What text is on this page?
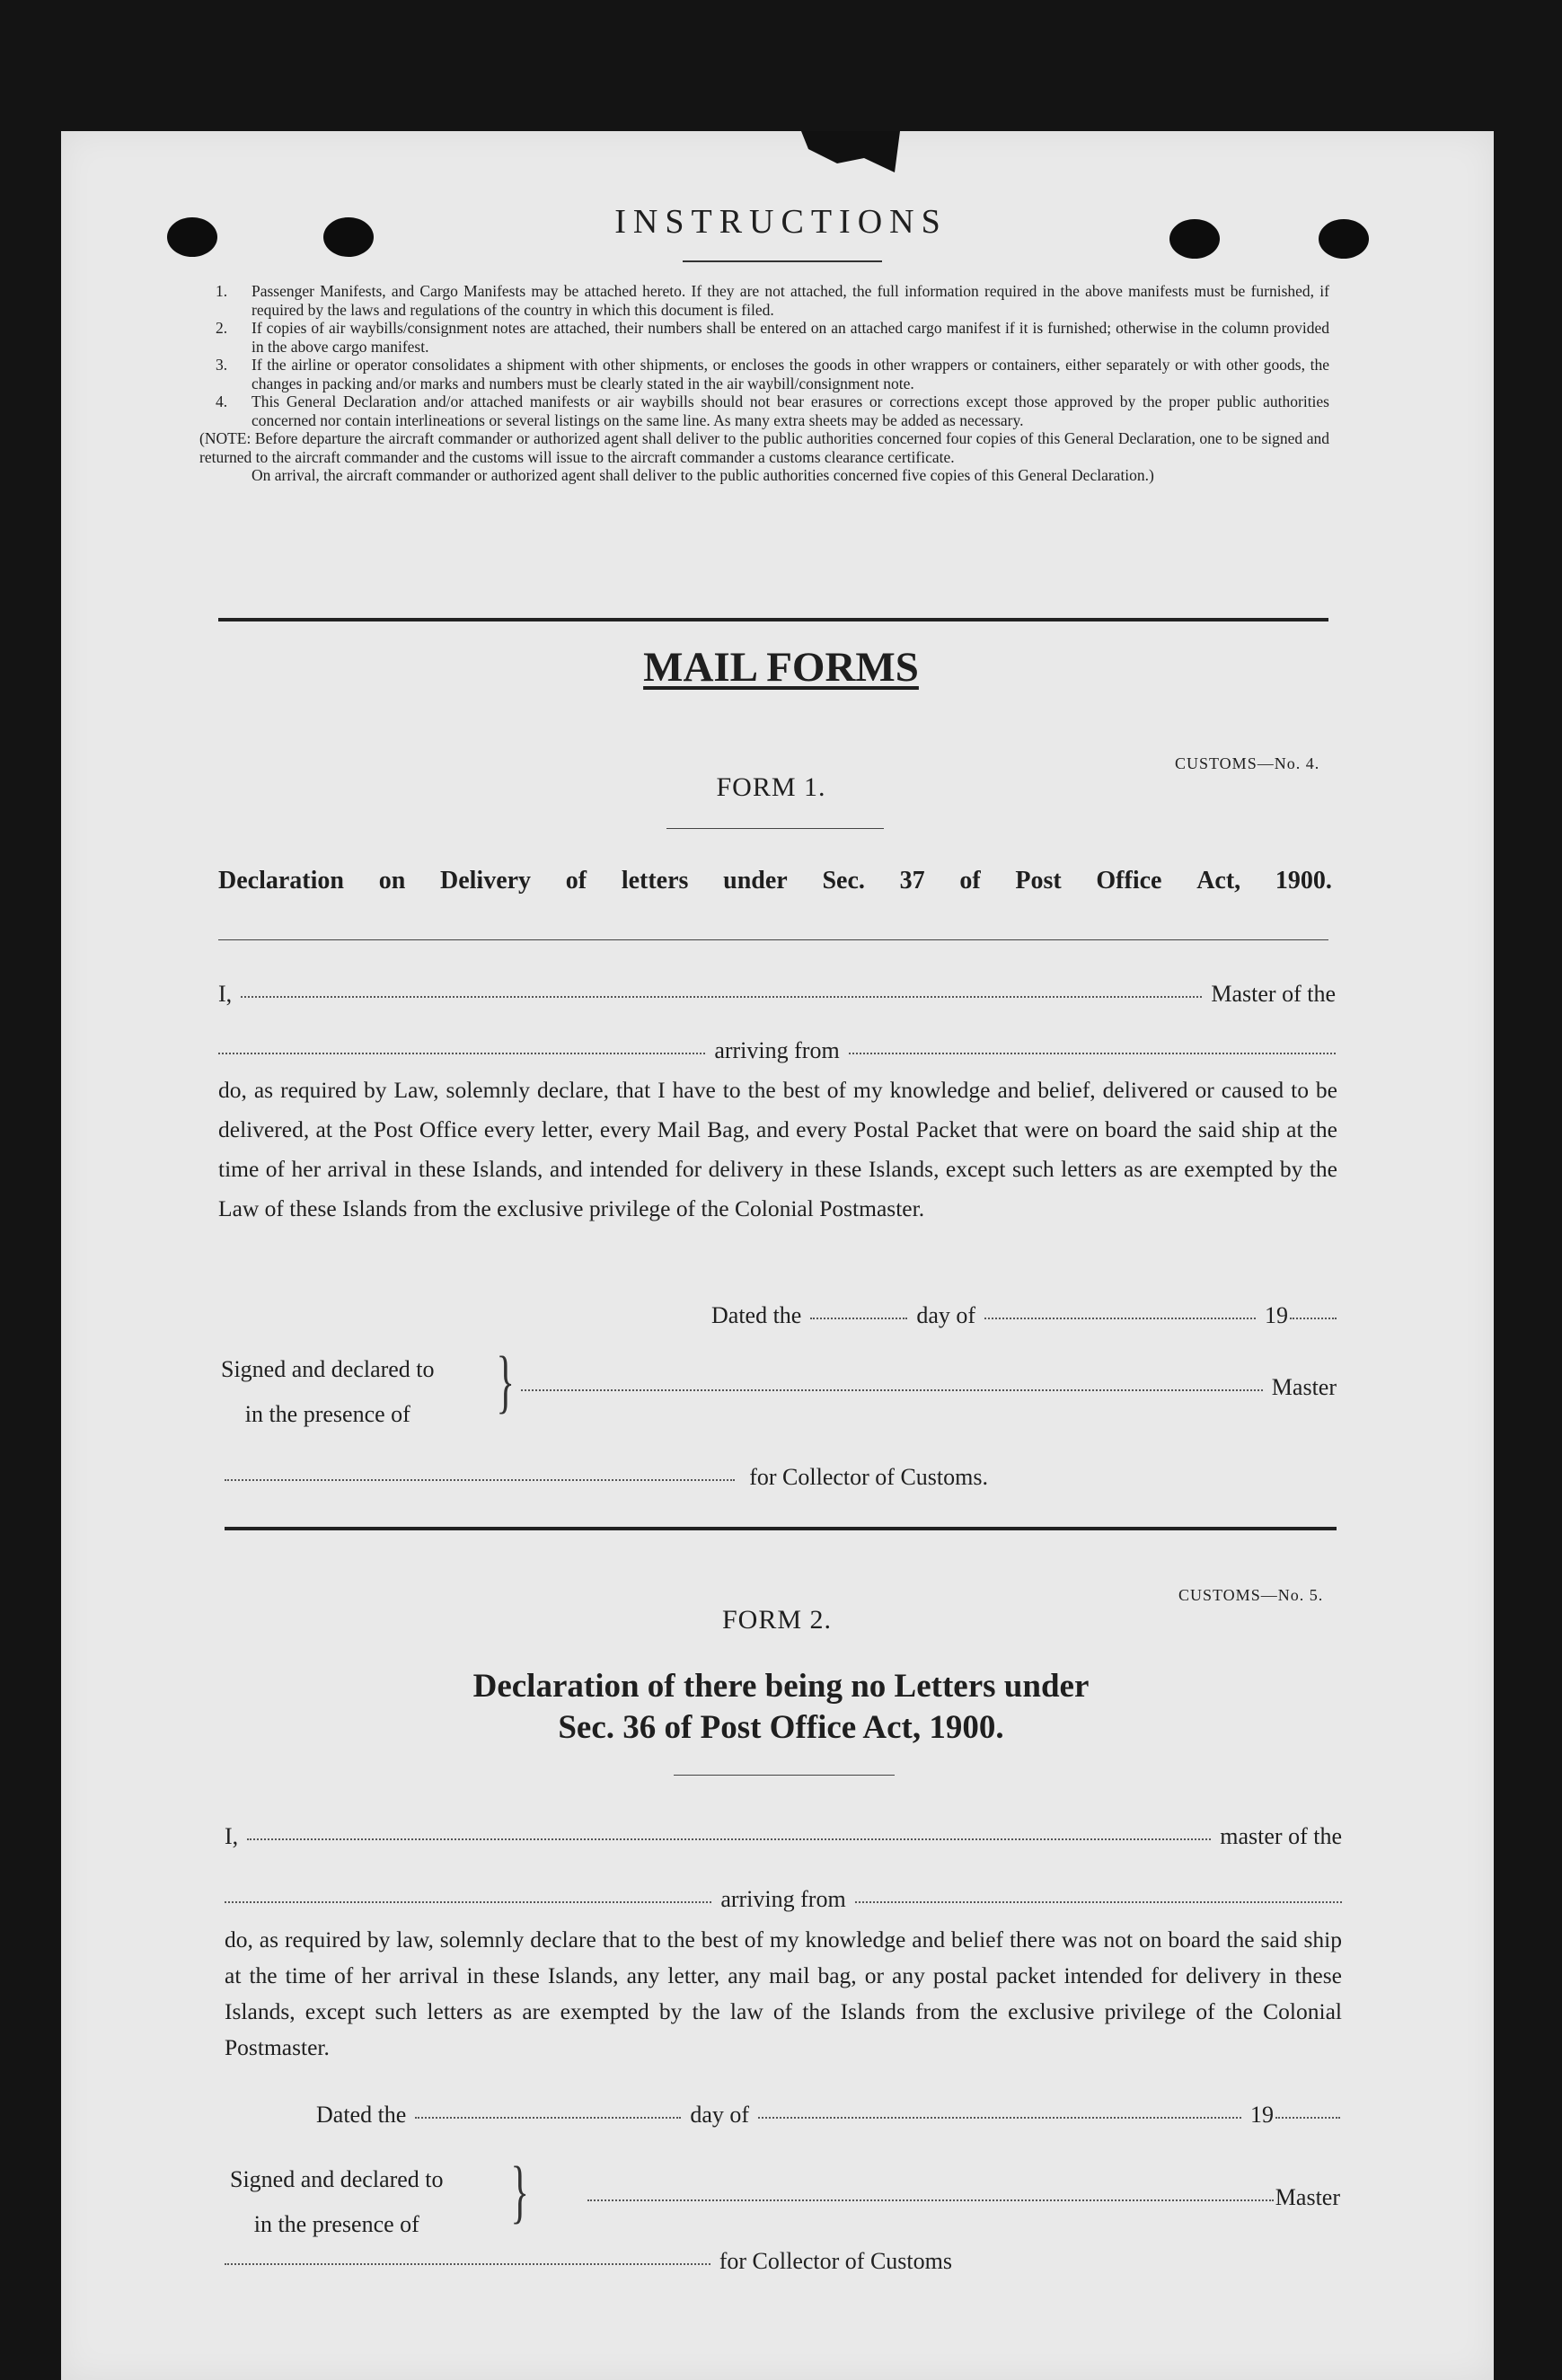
INSTRUCTIONS
1.	Passenger Manifests, and Cargo Manifests may be attached hereto. If they are not attached, the full information required in the above manifests must be furnished, if required by the laws and regulations of the country in which this document is filed.
2.	If copies of air waybills/consignment notes are attached, their numbers shall be entered on an attached cargo manifest if it is furnished; otherwise in the column provided in the above cargo manifest.
3.	If the airline or operator consolidates a shipment with other shipments, or encloses the goods in other wrappers or containers, either separately or with other goods, the changes in packing and/or marks and numbers must be clearly stated in the air waybill/consignment note.
4.	This General Declaration and/or attached manifests or air waybills should not bear erasures or corrections except those approved by the proper public authorities concerned nor contain interlineations or several listings on the same line. As many extra sheets may be added as necessary.
(NOTE: Before departure the aircraft commander or authorized agent shall deliver to the public authorities concerned four copies of this General Declaration, one to be signed and returned to the aircraft commander and the customs will issue to the aircraft commander a customs clearance certificate.
On arrival, the aircraft commander or authorized agent shall deliver to the public authorities concerned five copies of this General Declaration.)
MAIL FORMS
CUSTOMS—No. 4.
FORM 1.
Declaration on Delivery of letters under Sec. 37 of Post Office Act, 1900.
I,	Master of the
arriving from
do, as required by Law, solemnly declare, that I have to the best of my knowledge and belief, delivered or caused to be delivered, at the Post Office every letter, every Mail Bag, and every Postal Packet that were on board the said ship at the time of her arrival in these Islands, and intended for delivery in these Islands, except such letters as are exempted by the Law of these Islands from the exclusive privilege of the Colonial Postmaster.
Dated the	day of	19
Signed and declared to
in the presence of	}	Master
for Collector of Customs.
CUSTOMS—No. 5.
FORM 2.
Declaration of there being no Letters under
Sec. 36 of Post Office Act, 1900.
I,	master of the
arriving from
do, as required by law, solemnly declare that to the best of my knowledge and belief there was not on board the said ship at the time of her arrival in these Islands, any letter, any mail bag, or any postal packet intended for delivery in these Islands, except such letters as are exempted by the law of the Islands from the exclusive privilege of the Colonial Postmaster.
Dated the	day of	19
Signed and declared to
in the presence of	}	Master
for Collector of Customs
